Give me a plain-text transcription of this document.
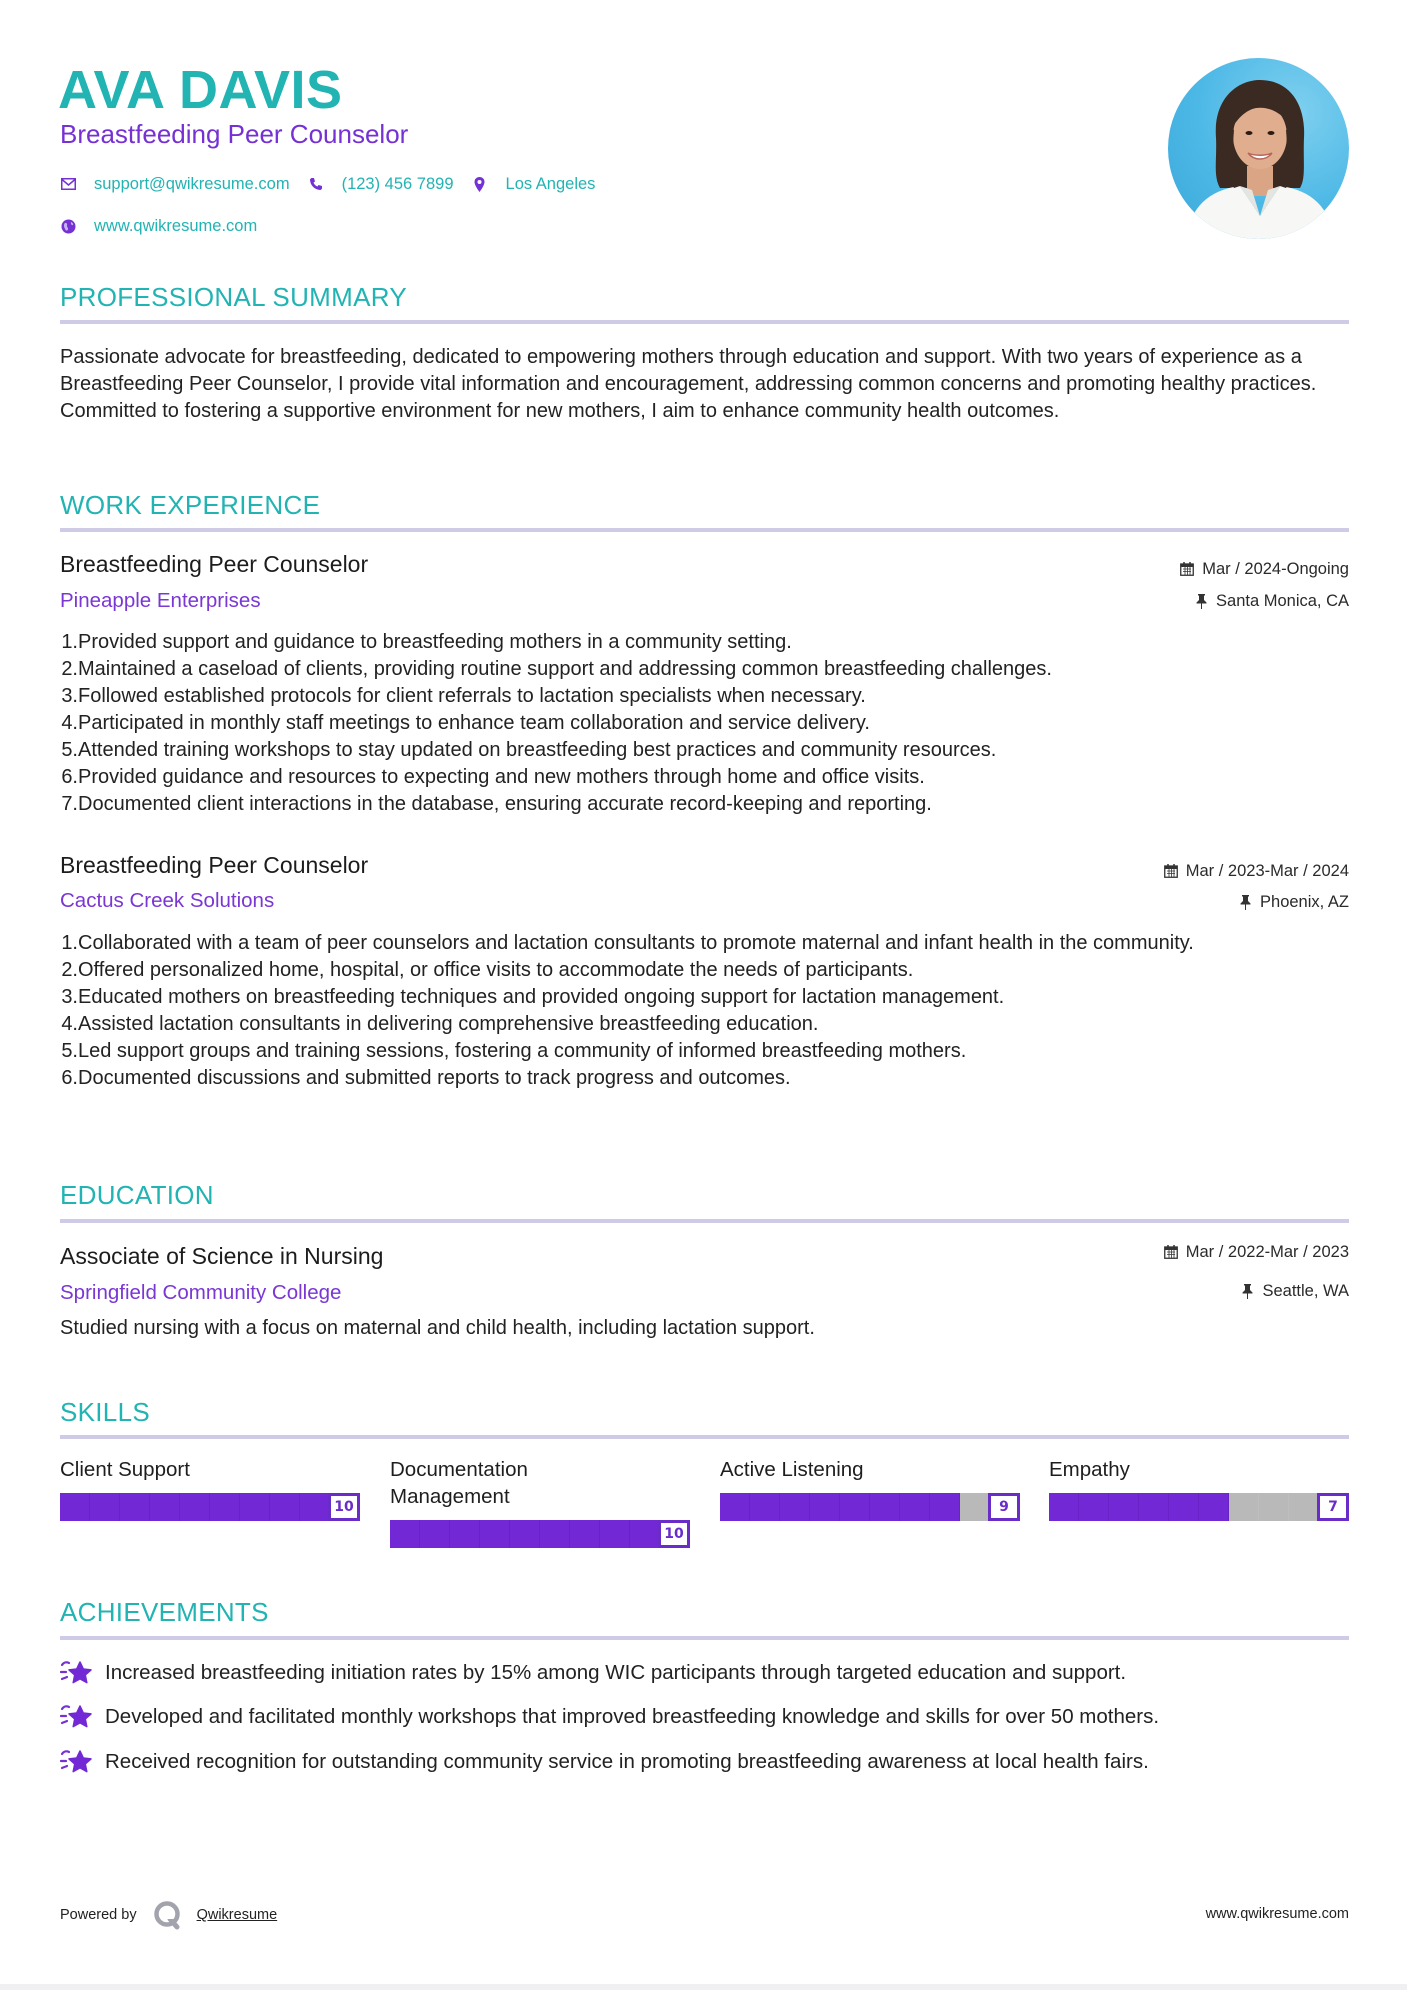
AVA DAVIS
Breastfeeding Peer Counselor
support@qwikresume.com	(123) 456 7899	Los Angeles
www.qwikresume.com
PROFESSIONAL SUMMARY

Passionate advocate for breastfeeding, dedicated to empowering mothers through education and support. With two years of experience as a Breastfeeding Peer Counselor, I provide vital information and encouragement, addressing common concerns and promoting healthy practices. Committed to fostering a supportive environment for new mothers, I aim to enhance community health outcomes.

WORK EXPERIENCE
Breastfeeding Peer Counselor
Pineapple Enterprises
Mar / 2024-Ongoing
Santa Monica, CA
1. Provided support and guidance to breastfeeding mothers in a community setting.
2. Maintained a caseload of clients, providing routine support and addressing common breastfeeding challenges.
3. Followed established protocols for client referrals to lactation specialists when necessary.
4. Participated in monthly staff meetings to enhance team collaboration and service delivery.
5. Attended training workshops to stay updated on breastfeeding best practices and community resources.
6. Provided guidance and resources to expecting and new mothers through home and office visits.
7. Documented client interactions in the database, ensuring accurate record-keeping and reporting.
Breastfeeding Peer Counselor
Cactus Creek Solutions
Mar / 2023-Mar / 2024
Phoenix, AZ
1. Collaborated with a team of peer counselors and lactation consultants to promote maternal and infant health in the community.
2. Offered personalized home, hospital, or office visits to accommodate the needs of participants.
3. Educated mothers on breastfeeding techniques and provided ongoing support for lactation management.
4. Assisted lactation consultants in delivering comprehensive breastfeeding education.
5. Led support groups and training sessions, fostering a community of informed breastfeeding mothers.
6. Documented discussions and submitted reports to track progress and outcomes.
EDUCATION
Associate of Science in Nursing
Springfield Community College
Mar / 2022-Mar / 2023
Seattle, WA
Studied nursing with a focus on maternal and child health, including lactation support.
SKILLS
Client Support
10
Documentation Management
10
Active Listening
9
Empathy
7
ACHIEVEMENTS
Increased breastfeeding initiation rates by 15% among WIC participants through targeted education and support.
Developed and facilitated monthly workshops that improved breastfeeding knowledge and skills for over 50 mothers.
Received recognition for outstanding community service in promoting breastfeeding awareness at local health fairs.
Powered by	Qwikresume	www.qwikresume.com
